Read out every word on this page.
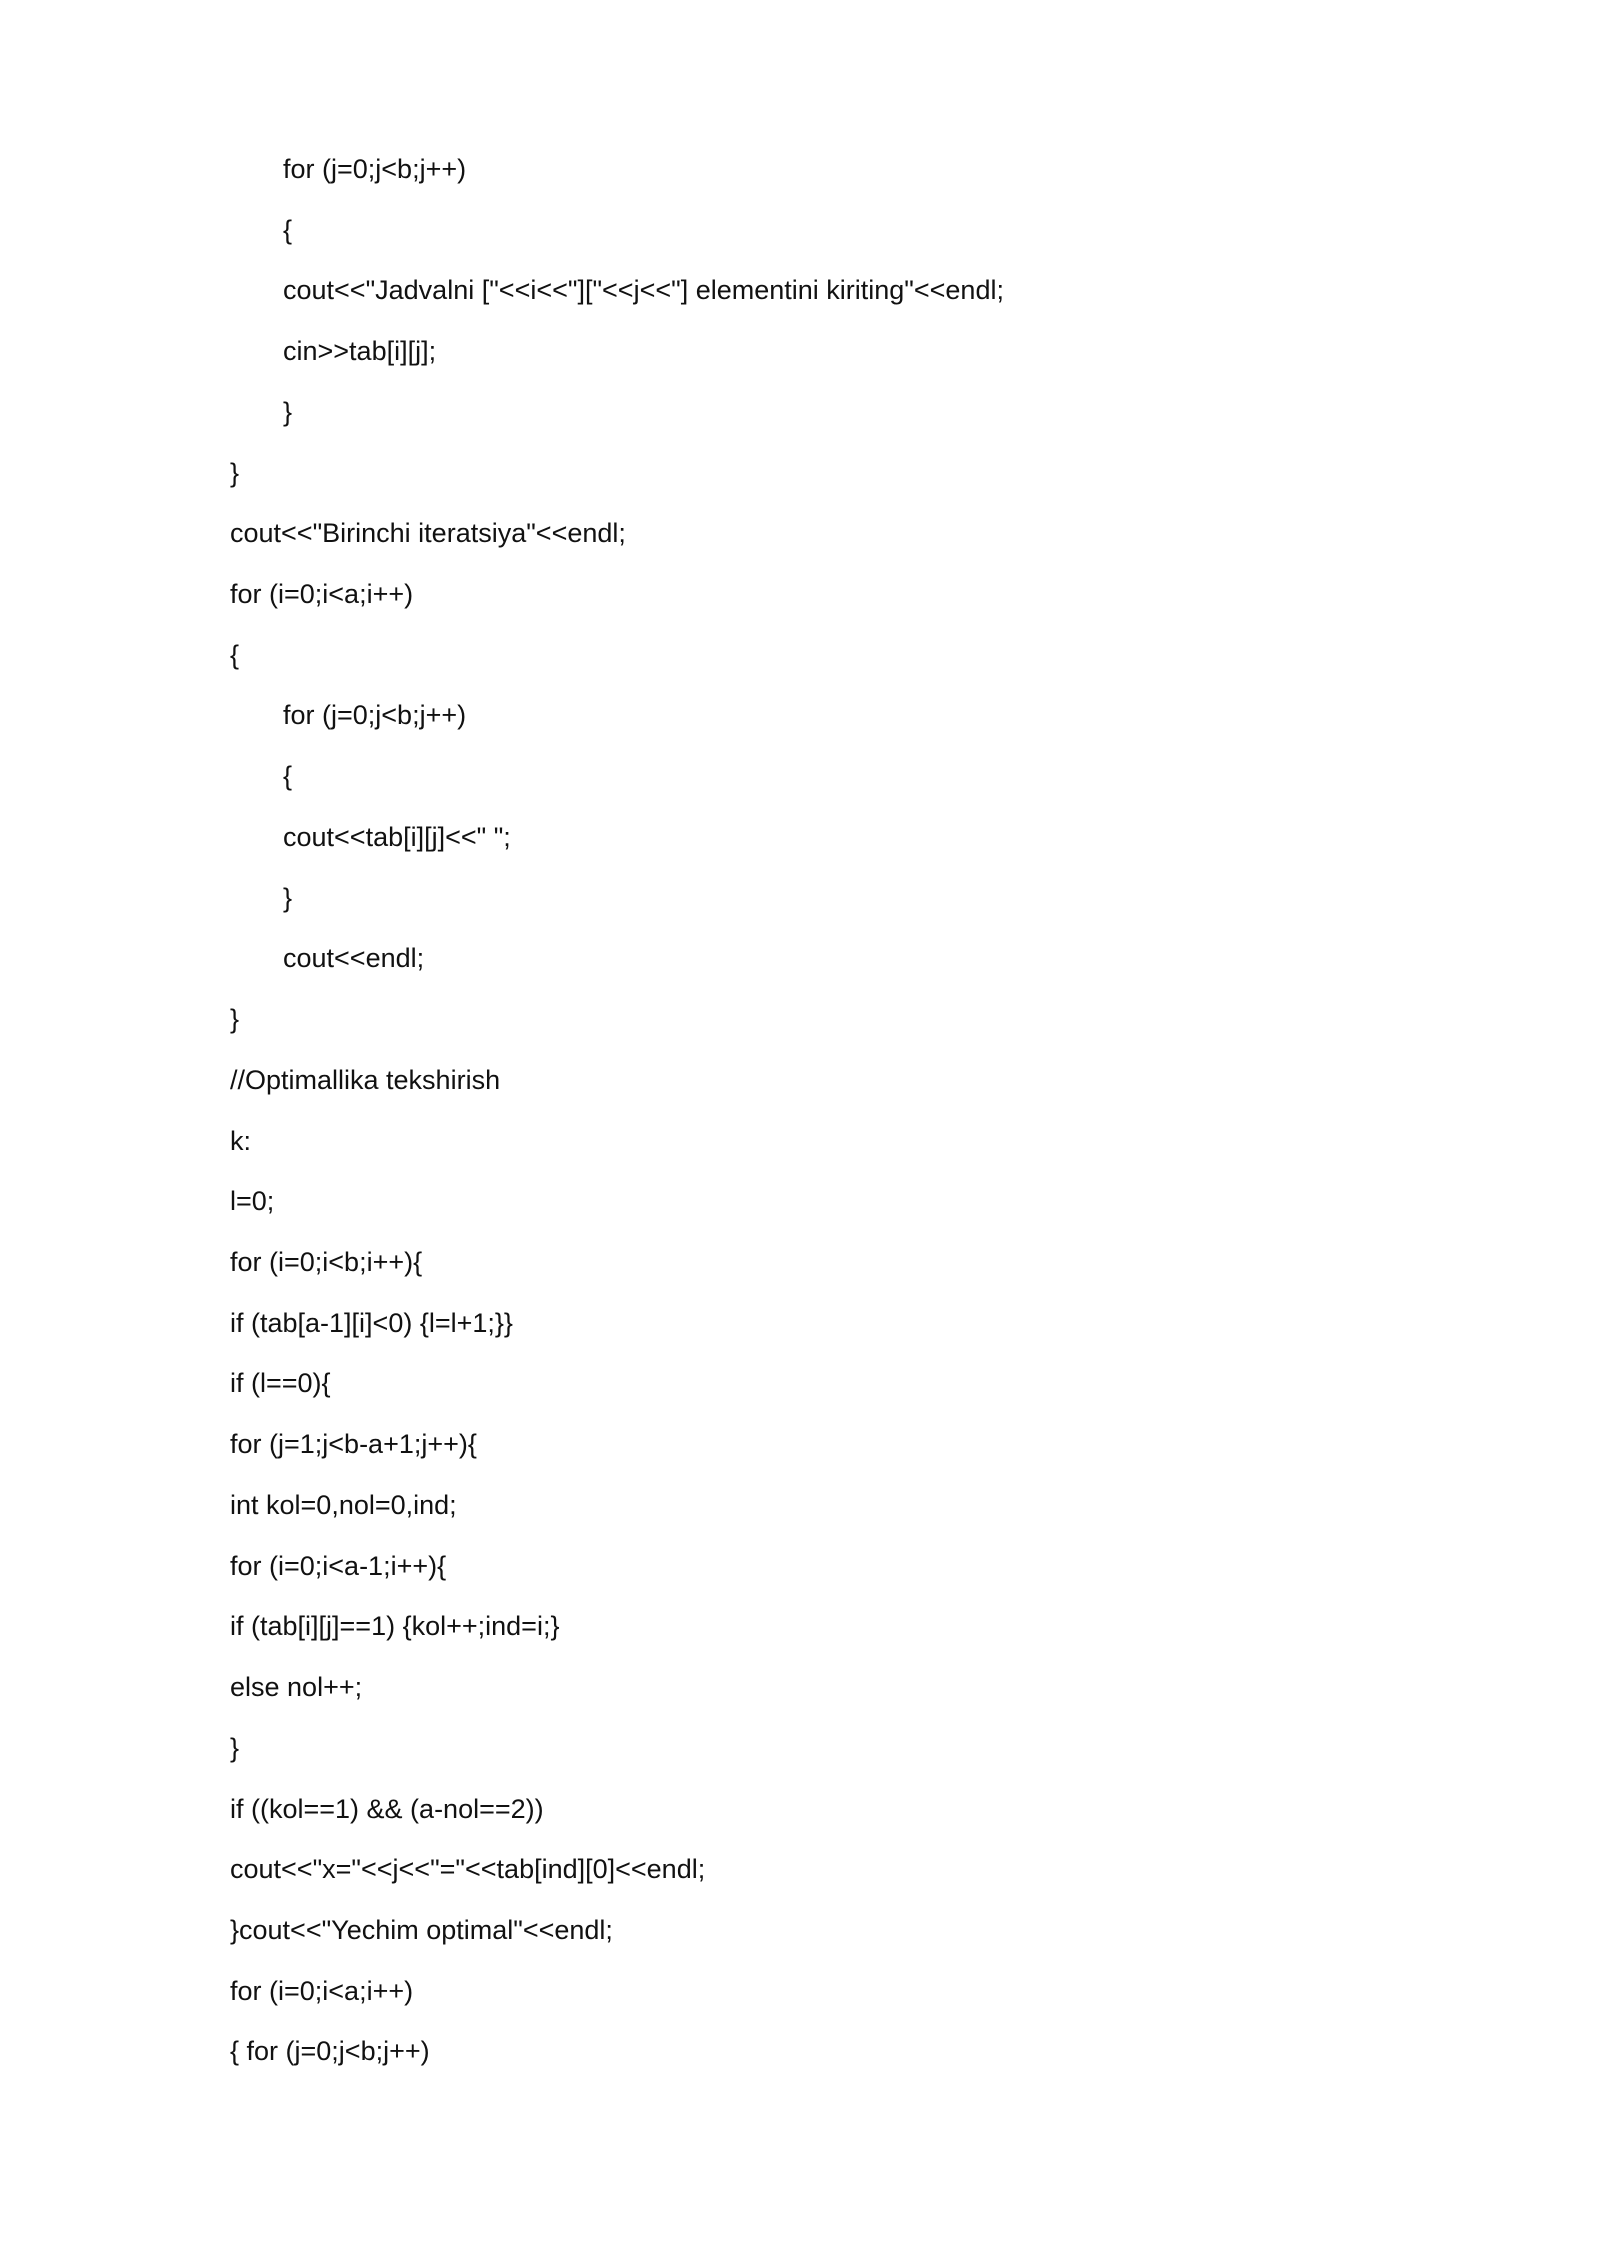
for (j=0;j<b;j++)
{
cout<<"Jadvalni ["<<i<<"]["<<j<<"] elementini kiriting"<<endl;
cin>>tab[i][j];
}
}
cout<<"Birinchi iteratsiya"<<endl;
for (i=0;i<a;i++)
{
for (j=0;j<b;j++)
{
cout<<tab[i][j]<<" ";
}
cout<<endl;
}
//Optimallika tekshirish
k:
l=0;
for (i=0;i<b;i++){
if (tab[a-1][i]<0) {l=l+1;}}
if (l==0){
for (j=1;j<b-a+1;j++){
int kol=0,nol=0,ind;
for (i=0;i<a-1;i++){
if (tab[i][j]==1) {kol++;ind=i;}
else nol++;
}
if ((kol==1) && (a-nol==2))
cout<<"x="<<j<<"="<<tab[ind][0]<<endl;
}cout<<"Yechim optimal"<<endl;
for (i=0;i<a;i++)
{ for (j=0;j<b;j++)
